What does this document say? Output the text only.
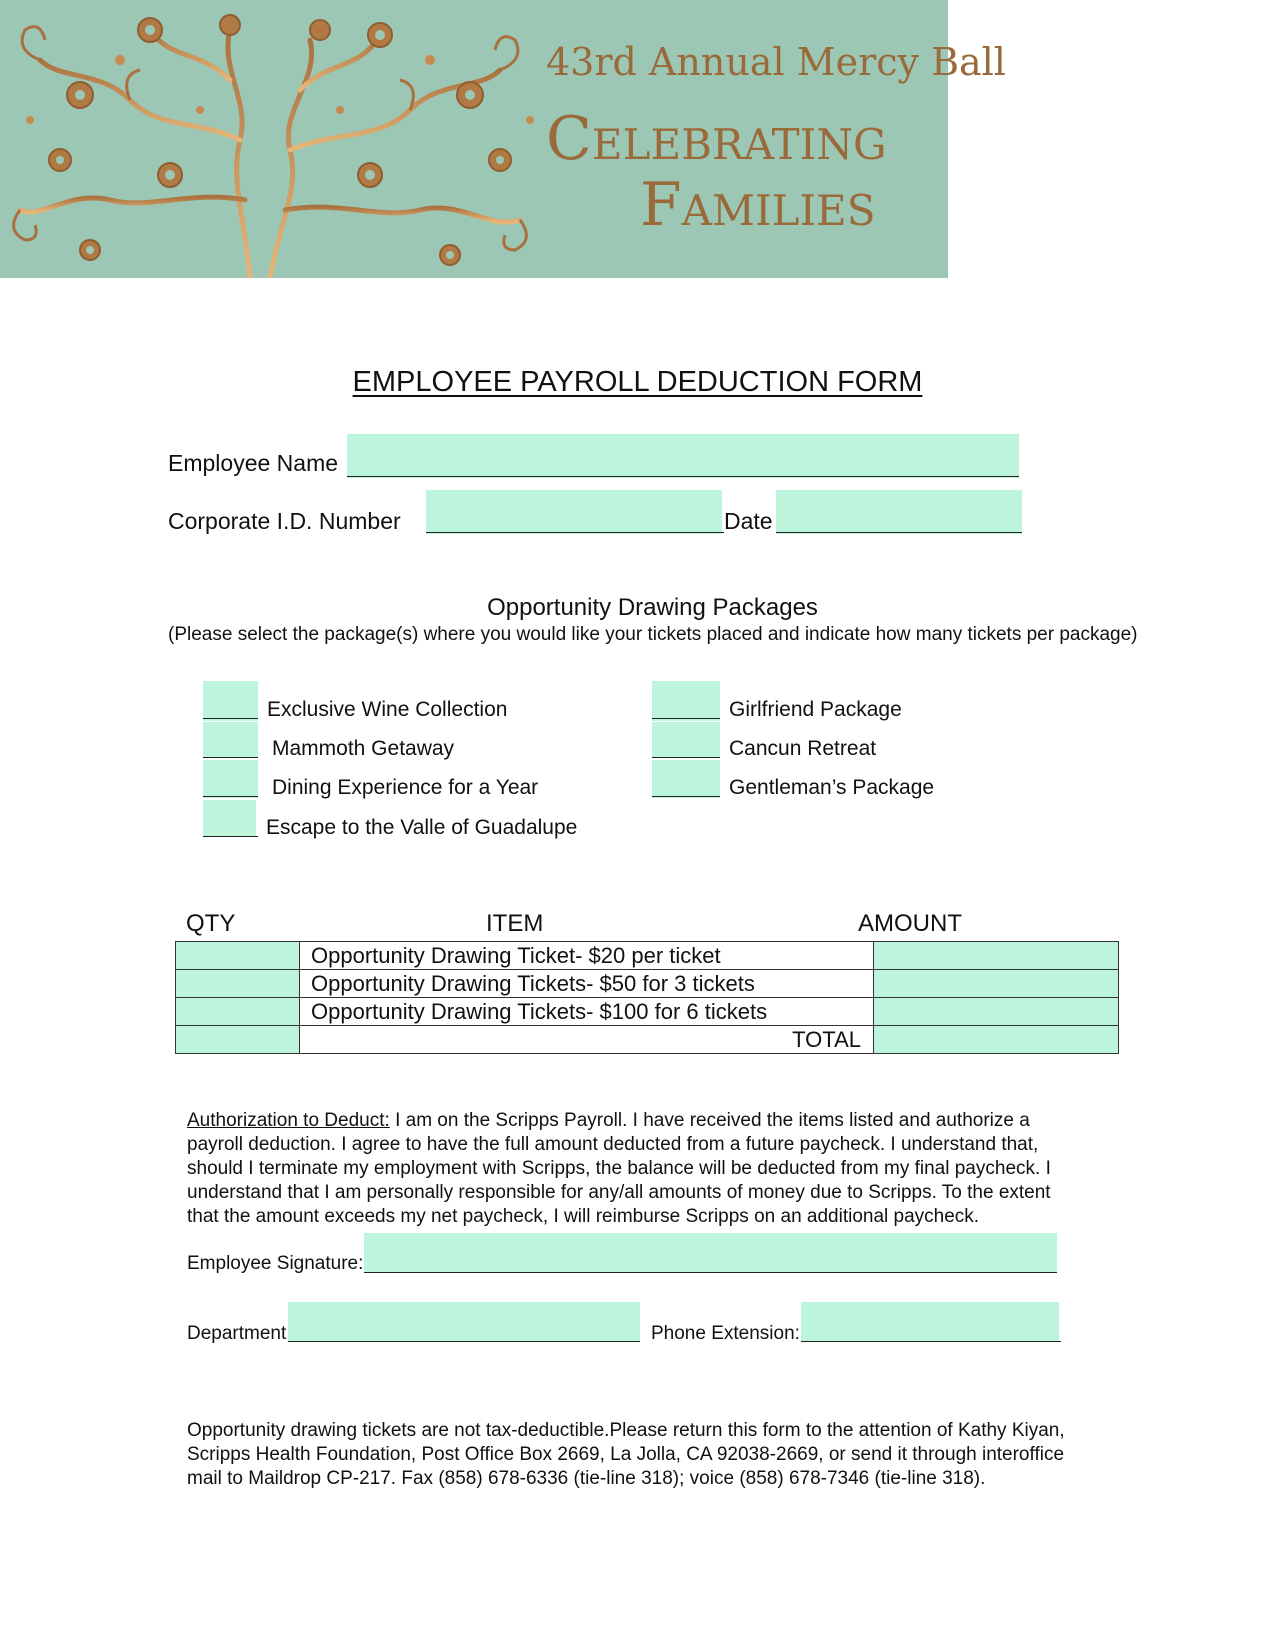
43rd Annual Mercy Ball
Celebrating
Families
EMPLOYEE PAYROLL DEDUCTION FORM
Employee Name
Corporate I.D. Number	Date
Opportunity Drawing Packages
(Please select the package(s) where you would like your tickets placed and indicate how many tickets per package)
Exclusive Wine Collection
Mammoth Getaway
Dining Experience for a Year
Escape to the Valle of Guadalupe
Girlfriend Package
Cancun Retreat
Gentleman’s Package
QTY	ITEM	AMOUNT
	Opportunity Drawing Ticket- $20 per ticket	
	Opportunity Drawing Tickets- $50 for 3 tickets	
	Opportunity Drawing Tickets- $100 for 6 tickets	
	TOTAL	
Authorization to Deduct: I am on the Scripps Payroll. I have received the items listed and authorize a
payroll deduction. I agree to have the full amount deducted from a future paycheck. I understand that,
should I terminate my employment with Scripps, the balance will be deducted from my final paycheck. I
understand that I am personally responsible for any/all amounts of money due to Scripps. To the extent
that the amount exceeds my net paycheck, I will reimburse Scripps on an additional paycheck.
Employee Signature:
Department	Phone Extension:
Opportunity drawing tickets are not tax-deductible.Please return this form to the attention of Kathy Kiyan,
Scripps Health Foundation, Post Office Box 2669, La Jolla, CA 92038-2669, or send it through interoffice
mail to Maildrop CP-217. Fax (858) 678-6336 (tie-line 318); voice (858) 678-7346 (tie-line 318).
